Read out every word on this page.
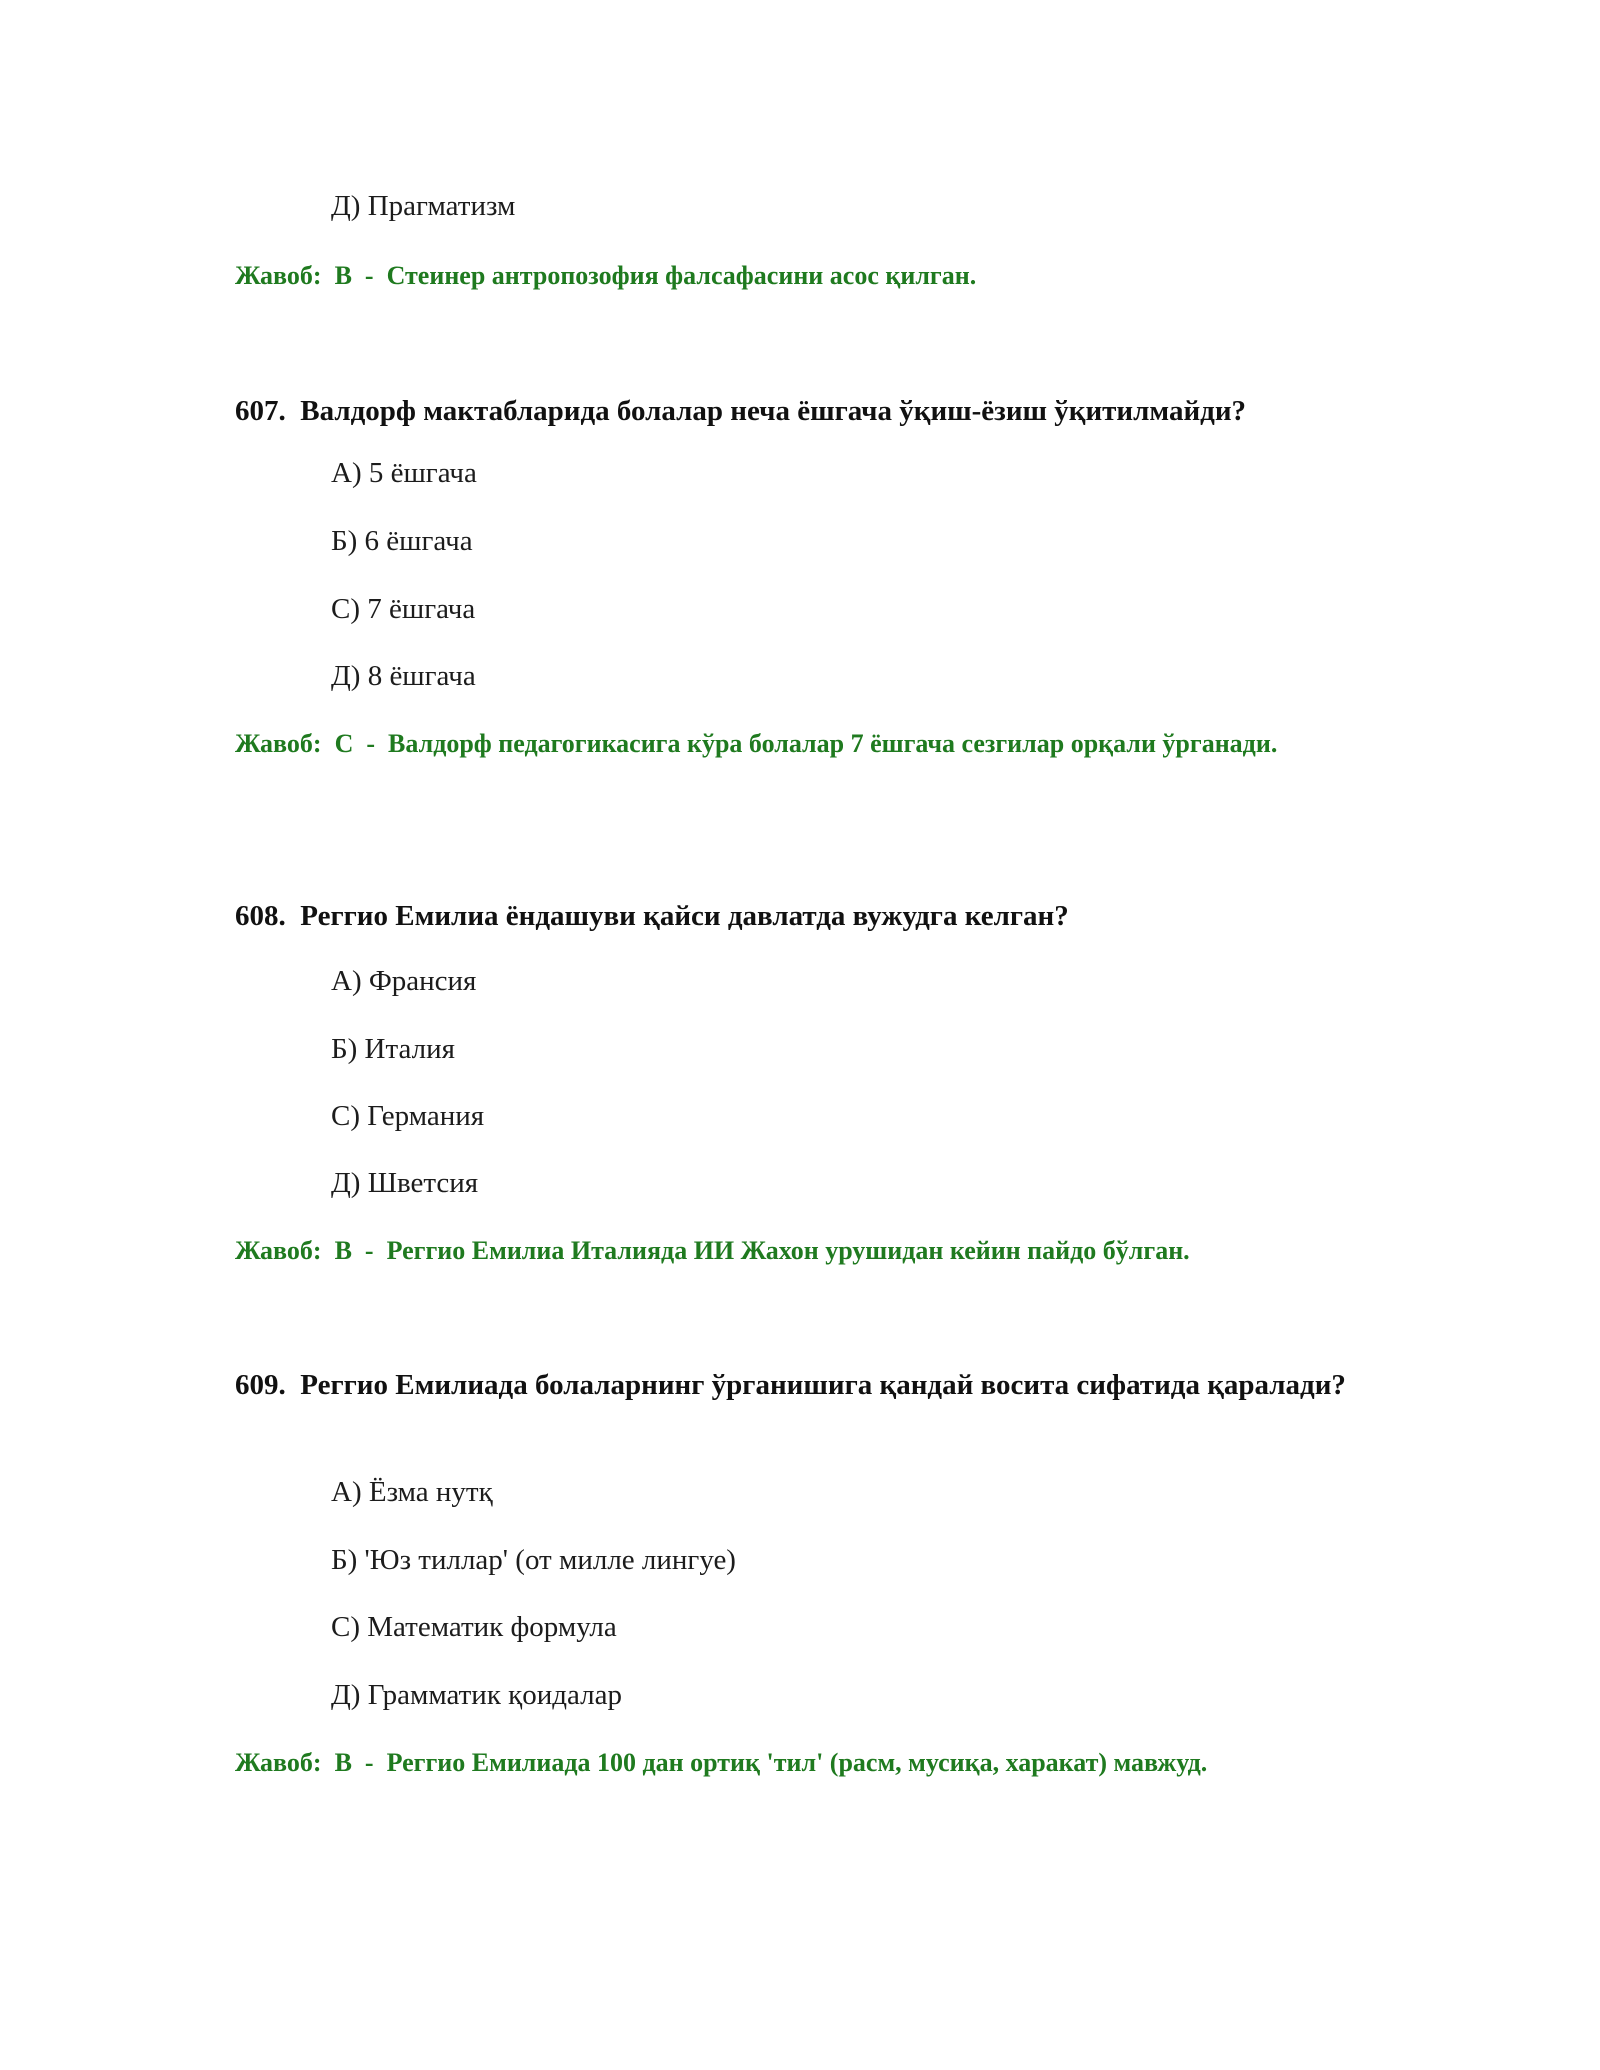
Д) Прагматизм
Жавоб:  В  -  Стеинер антропозофия фалсафасини асос қилган.
607.  Валдорф мактабларида болалар неча ёшгача ўқиш-ёзиш ўқитилмайди?
А) 5 ёшгача
Б) 6 ёшгача
С) 7 ёшгача
Д) 8 ёшгача
Жавоб:  С  -  Валдорф педагогикасига кўра болалар 7 ёшгача сезгилар орқали ўрганади.
608.  Реггио Емилиа ёндашуви қайси давлатда вужудга келган?
А) Франсия
Б) Италия
С) Германия
Д) Шветсия
Жавоб:  В  -  Реггио Емилиа Италияда ИИ Жахон урушидан кейин пайдо бўлган.
609.  Реггио Емилиада болаларнинг ўрганишига қандай восита сифатида қаралади?
А) Ёзма нутқ
Б) 'Юз тиллар' (от милле лингуе)
С) Математик формула
Д) Грамматик қоидалар
Жавоб:  В  -  Реггио Емилиада 100 дан ортиқ 'тил' (расм, мусиқа, харакат) мавжуд.
